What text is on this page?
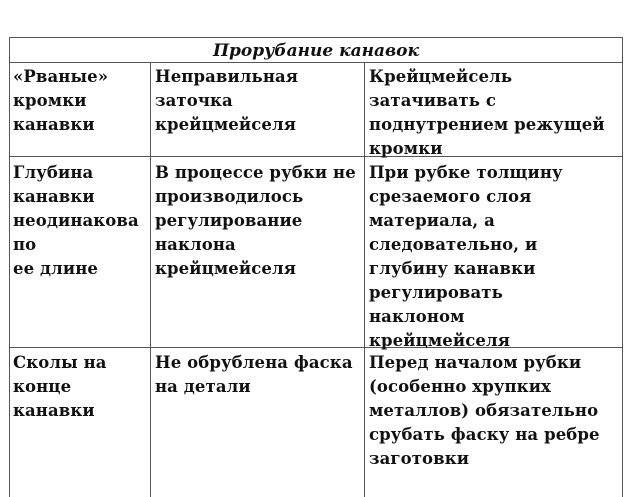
Прорубание канавок
«Рваные»
кромки
канавки
Неправильная
заточка
крейцмейселя
Крейцмейсель
затачивать с
поднутрением режущей
кромки
Глубина
канавки
неодинакова
по
ее длине
В процессе рубки не
производилось
регулирование
наклона
крейцмейселя
При рубке толщину
срезаемого слоя
материала, а
следовательно, и
глубину канавки
регулировать
наклоном
крейцмейселя
Сколы на
конце
канавки
Не обрублена фаска
на детали
Перед началом рубки
(особенно хрупких
металлов) обязательно
срубать фаску на ребре
заготовки
